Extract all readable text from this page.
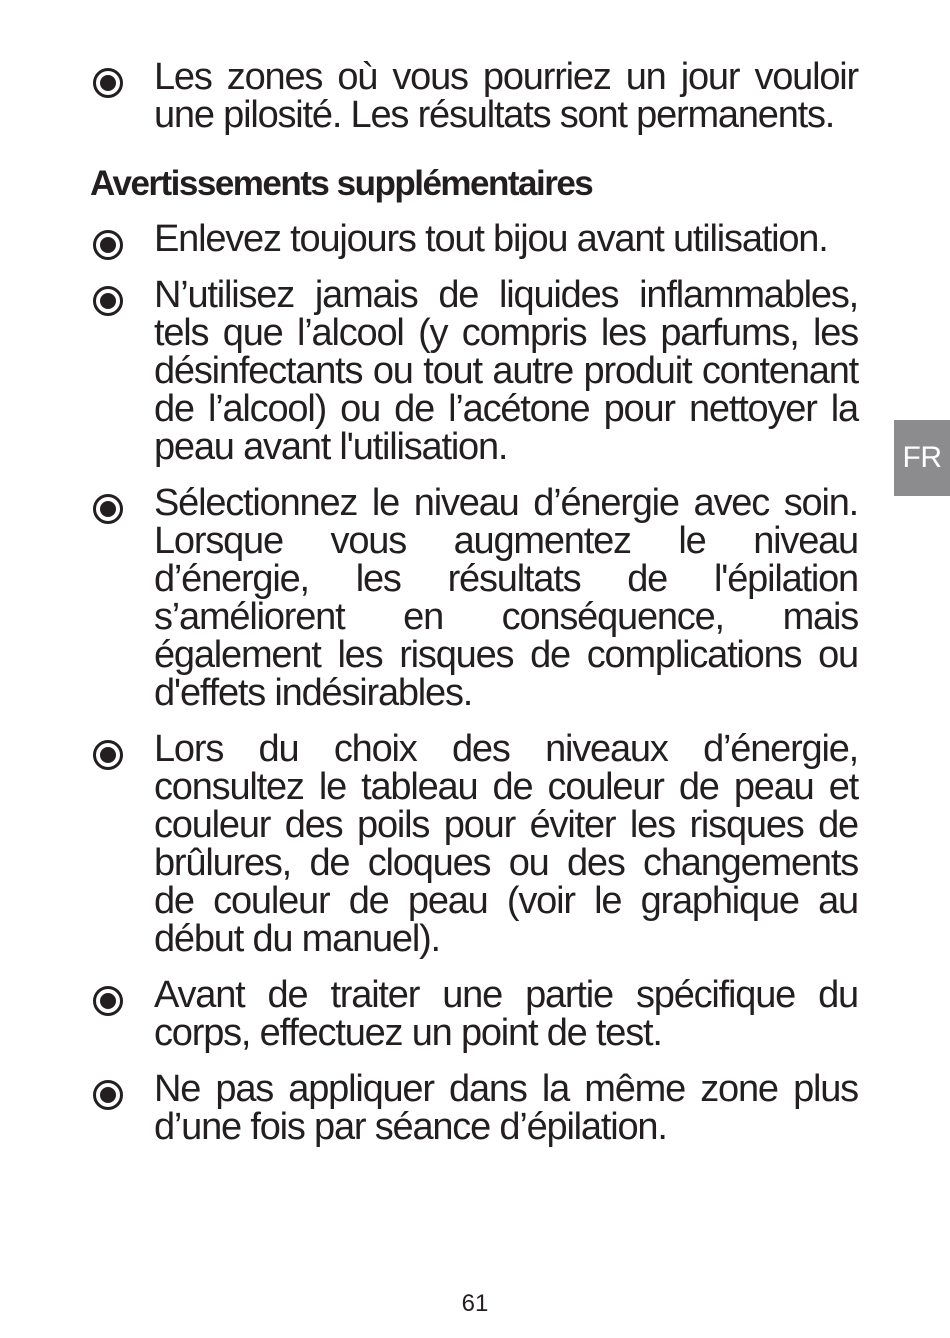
Les zones où vous pourriez un jour vouloir une pilosité. Les résultats sont permanents.
Avertissements supplémentaires
Enlevez toujours tout bijou avant utilisation.
N’utilisez jamais de liquides inflammables, tels que l’alcool (y compris les parfums, les désinfectants ou tout autre produit contenant de l’alcool) ou de l’acétone pour nettoyer la peau avant l'utilisation.
Sélectionnez le niveau d’énergie avec soin. Lorsque vous augmentez le niveau d’énergie, les résultats de l'épilation s’améliorent en conséquence, mais également les risques de complications ou d'effets indésirables.
Lors du choix des niveaux d’énergie, consultez le tableau de couleur de peau et couleur des poils pour éviter les risques de brûlures, de cloques ou des changements de couleur de peau (voir le graphique au début du manuel).
Avant de traiter une partie spécifique du corps, effectuez un point de test.
Ne pas appliquer dans la même zone plus d’une fois par séance d’épilation.
FR
61
